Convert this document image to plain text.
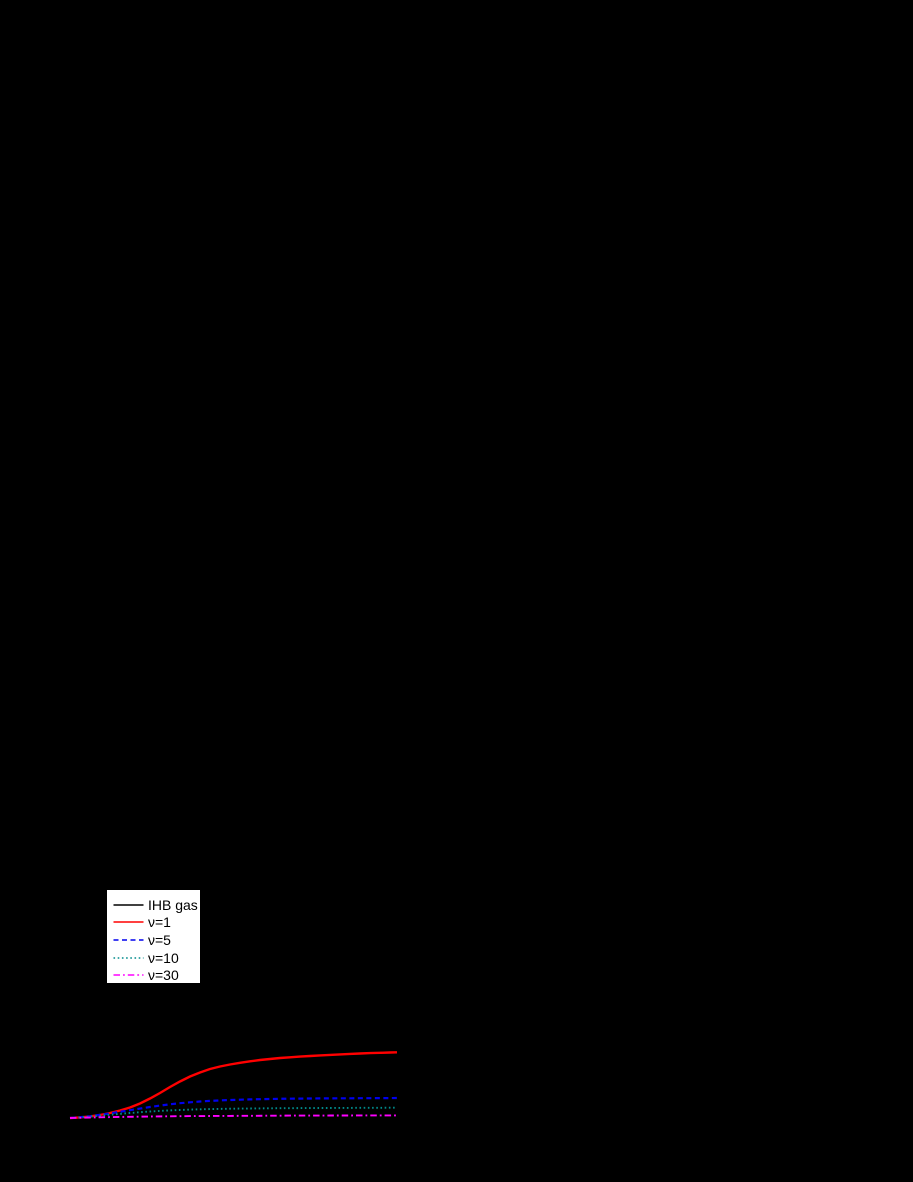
IHB gas
ν=1
ν=5
ν=10
ν=30
